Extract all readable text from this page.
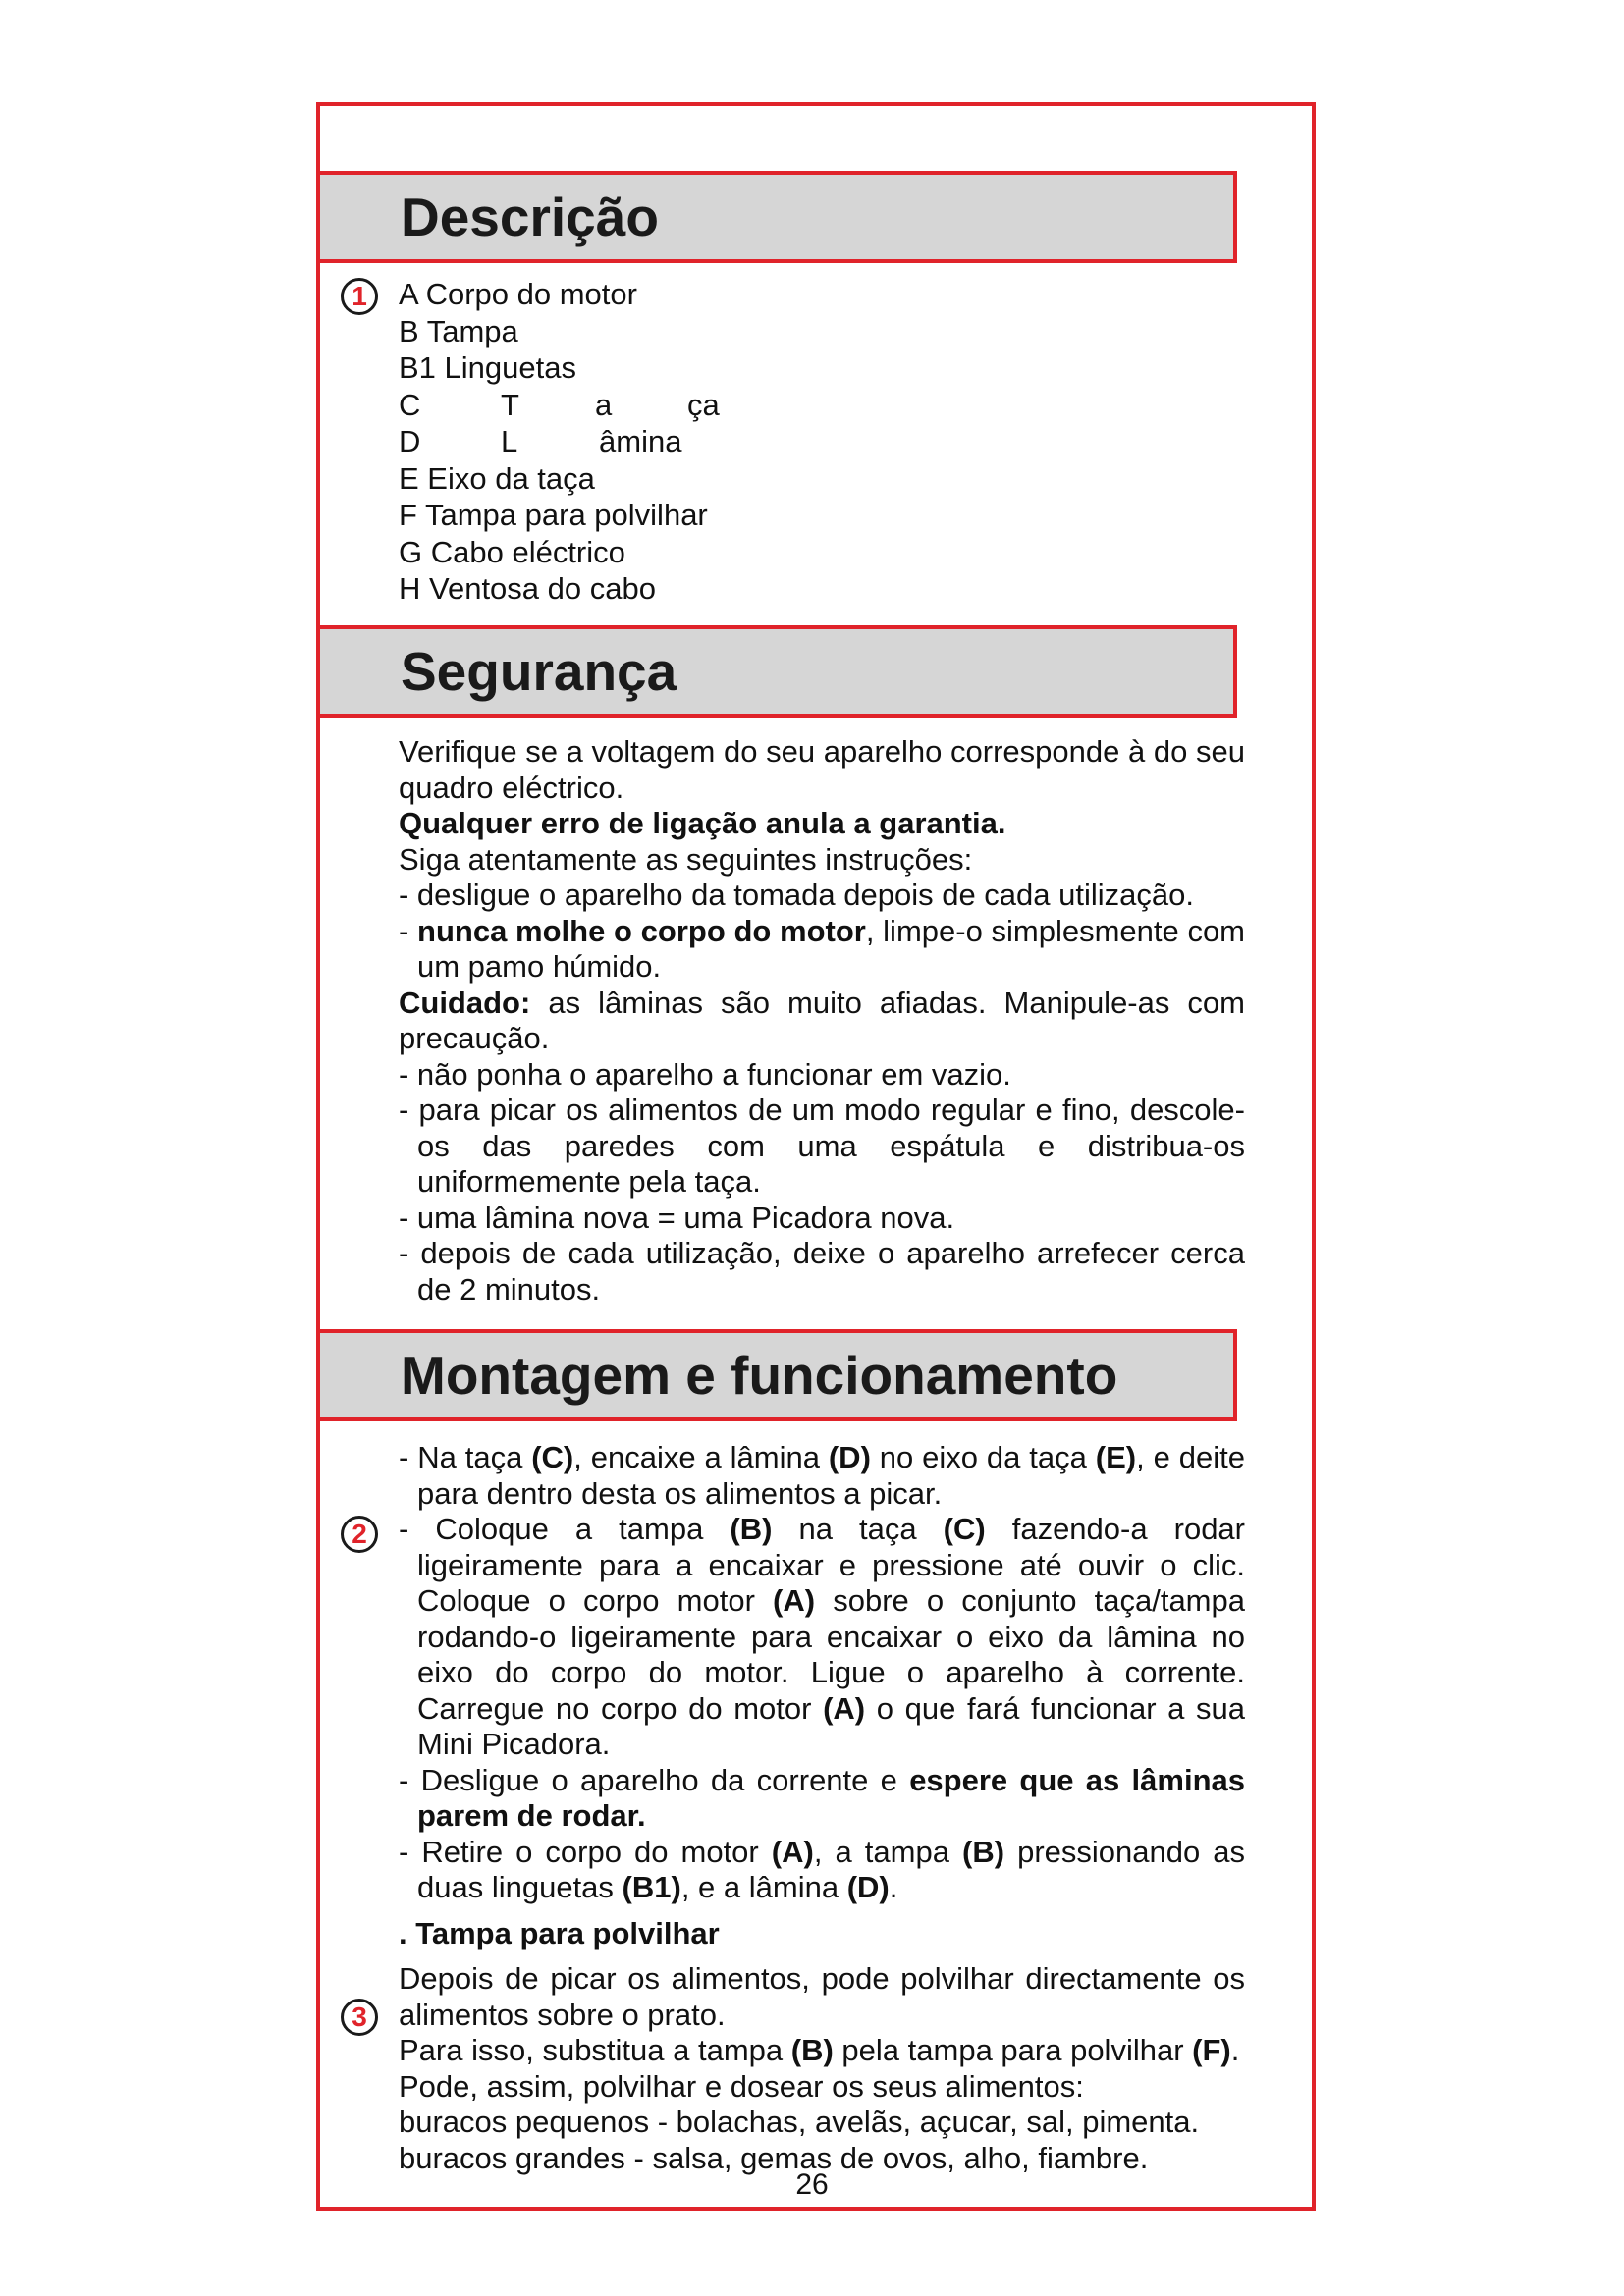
Descrição
1	A Corpo do motor

B Tampa

B1 Linguetas

C	T a ça

D	L	âmina

E Eixo da taça

F Tampa para polvilhar

G Cabo eléctrico

H Ventosa do cabo

Segurança

Verifique se a voltagem do seu aparelho corresponde à do seu quadro eléctrico.

Qualquer erro de ligação anula a garantia.

Siga atentamente as seguintes instruções:

- desligue o aparelho da tomada depois de cada utilização.

- nunca molhe o corpo do motor, limpe-o simplesmente com um pamo húmido.

Cuidado: as lâminas são muito afiadas. Manipule-as com precaução.

- não ponha o aparelho a funcionar em vazio.

- para picar os alimentos de um modo regular e fino, descole-os das paredes com uma espátula e distribua-os uniformemente pela taça.

- uma lâmina nova = uma Picadora nova.

- depois de cada utilização, deixe o aparelho arrefecer cerca de 2 minutos.

Montagem e funcionamento
2
3

- Na taça (C), encaixe a lâmina (D) no eixo da taça (E), e deite para dentro desta os alimentos a picar.

- Coloque a tampa (B) na taça (C) fazendo-a rodar ligeiramente para a encaixar e pressione até ouvir o clic. Coloque o corpo motor (A) sobre o conjunto taça/tampa rodando-o ligeiramente para encaixar o eixo da lâmina no eixo do corpo do motor. Ligue o aparelho à corrente. Carregue no corpo do motor (A) o que fará funcionar a sua Mini Picadora.

- Desligue o aparelho da corrente e espere que as lâminas parem de rodar.

- Retire o corpo do motor (A), a tampa (B) pressionando as duas linguetas (B1), e a lâmina (D).

. Tampa para polvilhar

Depois de picar os alimentos, pode polvilhar directamente os alimentos sobre o prato.

Para isso, substitua a tampa (B) pela tampa para polvilhar (F).

Pode, assim, polvilhar e dosear os seus alimentos:

buracos pequenos - bolachas, avelãs, açucar, sal, pimenta.

buracos grandes - salsa, gemas de ovos, alho, fiambre.

26
